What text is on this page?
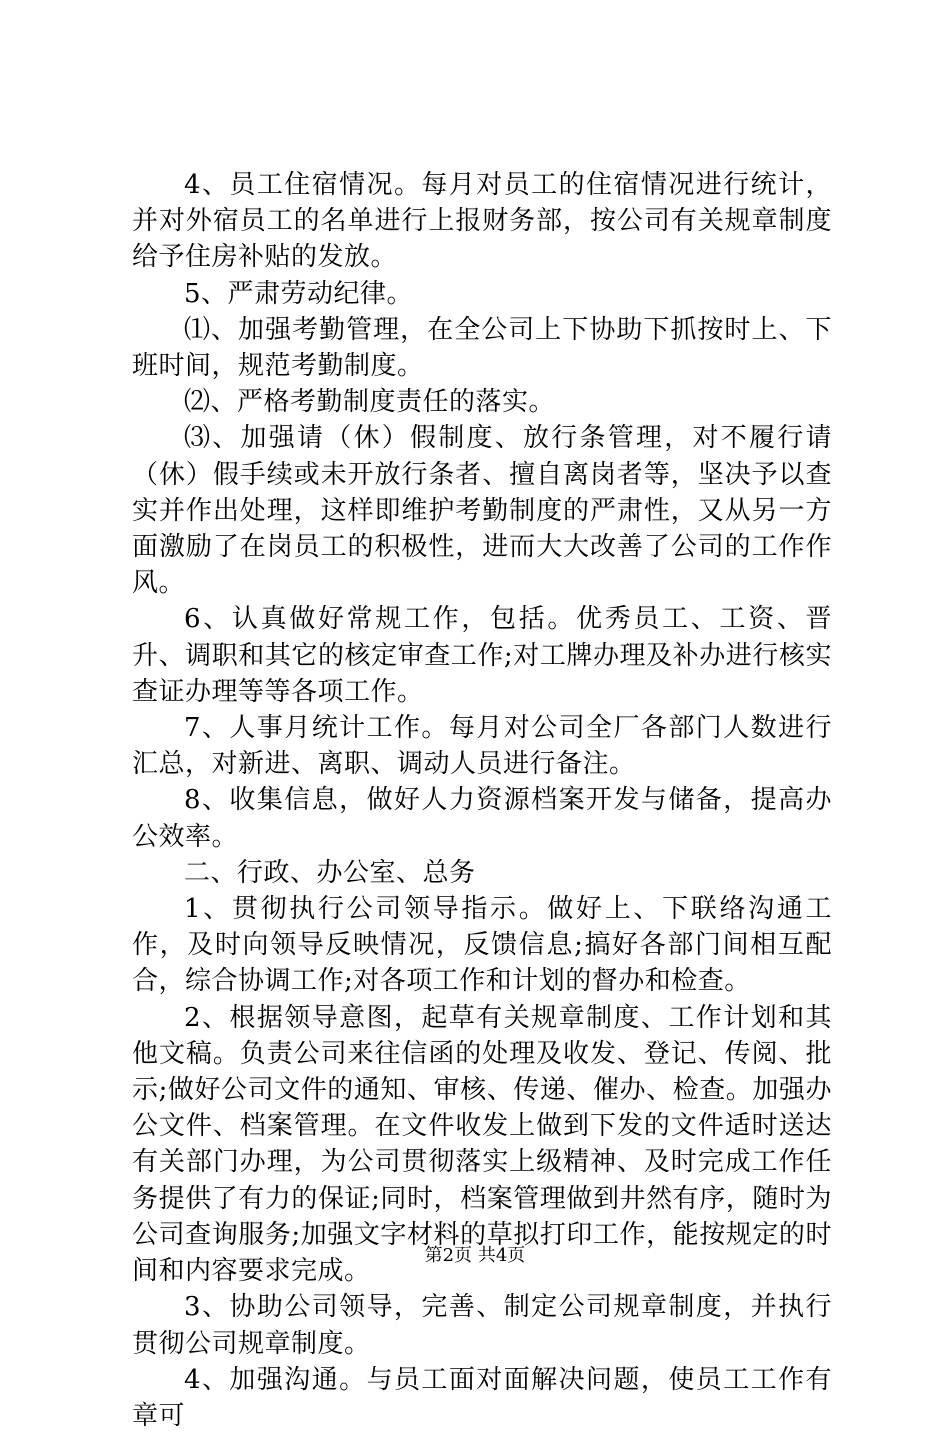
4、员工住宿情况。每月对员工的住宿情况进行统计，并对外宿员工的名单进行上报财务部，按公司有关规章制度给予住房补贴的发放。

5、严肃劳动纪律。

⑴、加强考勤管理，在全公司上下协助下抓按时上、下班时间，规范考勤制度。

⑵、严格考勤制度责任的落实。

⑶、加强请（休）假制度、放行条管理，对不履行请（休）假手续或未开放行条者、擅自离岗者等，坚决予以查实并作出处理，这样即维护考勤制度的严肃性，又从另一方面激励了在岗员工的积极性，进而大大改善了公司的工作作风。

6、认真做好常规工作，包括。优秀员工、工资、晋升、调职和其它的核定审查工作;对工牌办理及补办进行核实查证办理等等各项工作。

7、人事月统计工作。每月对公司全厂各部门人数进行汇总，对新进、离职、调动人员进行备注。

8、收集信息，做好人力资源档案开发与储备，提高办公效率。

二、行政、办公室、总务

1、贯彻执行公司领导指示。做好上、下联络沟通工作，及时向领导反映情况，反馈信息;搞好各部门间相互配合，综合协调工作;对各项工作和计划的督办和检查。

2、根据领导意图，起草有关规章制度、工作计划和其他文稿。负责公司来往信函的处理及收发、登记、传阅、批示;做好公司文件的通知、审核、传递、催办、检查。加强办公文件、档案管理。在文件收发上做到下发的文件适时送达有关部门办理，为公司贯彻落实上级精神、及时完成工作任务提供了有力的保证;同时，档案管理做到井然有序，随时为公司查询服务;加强文字材料的草拟打印工作，能按规定的时间和内容要求完成。

3、协助公司领导，完善、制定公司规章制度，并执行贯彻公司规章制度。

4、加强沟通。与员工面对面解决问题，使员工工作有章可

第2页 共4页
